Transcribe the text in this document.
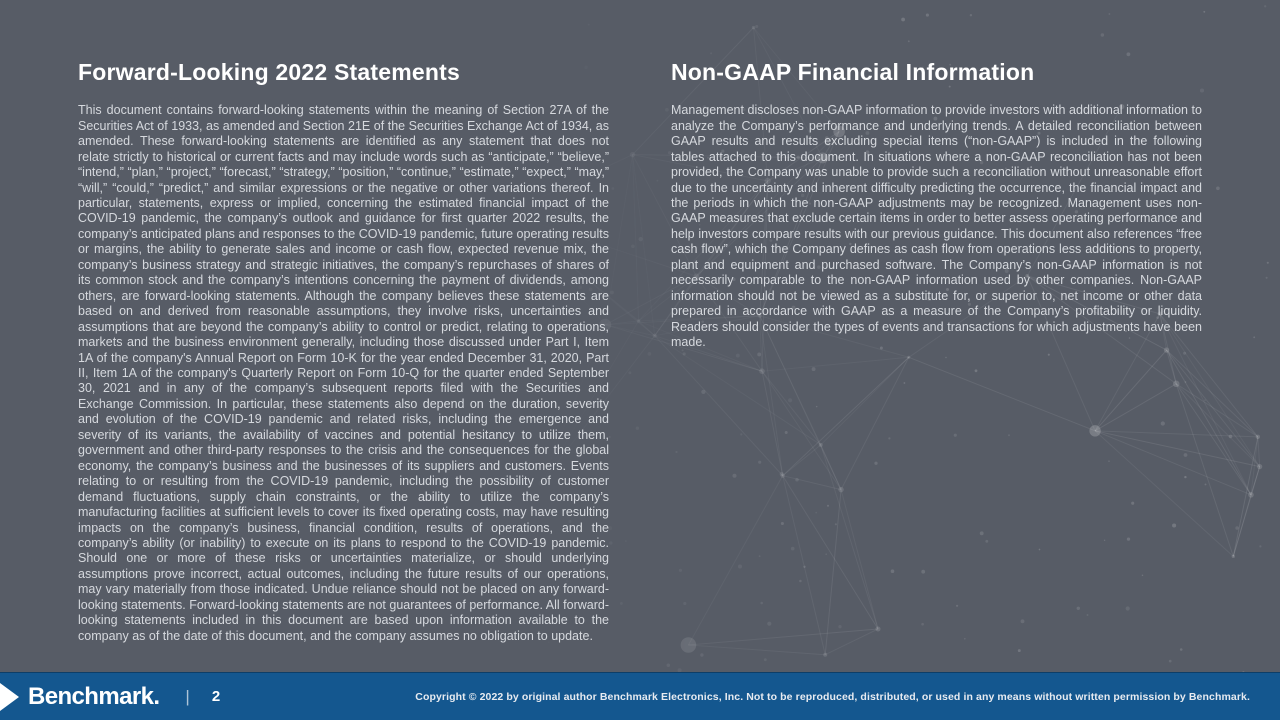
Forward-Looking 2022 Statements

This document contains forward-looking statements within the meaning of Section 27A of the Securities Act of 1933, as amended and Section 21E of the Securities Exchange Act of 1934, as amended. These forward-looking statements are identified as any statement that does not relate strictly to historical or current facts and may include words such as “anticipate,” “believe,” “intend,” “plan,” “project,” “forecast,” “strategy,” “position,” “continue,” “estimate,” “expect,” “may,” “will,” “could,” “predict,” and similar expressions or the negative or other variations thereof. In particular, statements, express or implied, concerning the estimated financial impact of the COVID-19 pandemic, the company’s outlook and guidance for first quarter 2022 results, the company’s anticipated plans and responses to the COVID-19 pandemic, future operating results or margins, the ability to generate sales and income or cash flow, expected revenue mix, the company’s business strategy and strategic initiatives, the company’s repurchases of shares of its common stock and the company’s intentions concerning the payment of dividends, among others, are forward-looking statements. Although the company believes these statements are based on and derived from reasonable assumptions, they involve risks, uncertainties and assumptions that are beyond the company’s ability to control or predict, relating to operations, markets and the business environment generally, including those discussed under Part I, Item 1A of the company's Annual Report on Form 10-K for the year ended December 31, 2020, Part II, Item 1A of the company's Quarterly Report on Form 10-Q for the quarter ended September 30, 2021 and in any of the company’s subsequent reports filed with the Securities and Exchange Commission. In particular, these statements also depend on the duration, severity and evolution of the COVID-19 pandemic and related risks, including the emergence and severity of its variants, the availability of vaccines and potential hesitancy to utilize them, government and other third-party responses to the crisis and the consequences for the global economy, the company’s business and the businesses of its suppliers and customers. Events relating to or resulting from the COVID-19 pandemic, including the possibility of customer demand fluctuations, supply chain constraints, or the ability to utilize the company’s manufacturing facilities at sufficient levels to cover its fixed operating costs, may have resulting impacts on the company’s business, financial condition, results of operations, and the company’s ability (or inability) to execute on its plans to respond to the COVID-19 pandemic. Should one or more of these risks or uncertainties materialize, or should underlying assumptions prove incorrect, actual outcomes, including the future results of our operations, may vary materially from those indicated. Undue reliance should not be placed on any forward-looking statements. Forward-looking statements are not guarantees of performance. All forward-looking statements included in this document are based upon information available to the company as of the date of this document, and the company assumes no obligation to update.

Non-GAAP Financial Information

Management discloses non-GAAP information to provide investors with additional information to analyze the Company’s performance and underlying trends. A detailed reconciliation between GAAP results and results excluding special items (“non-GAAP”) is included in the following tables attached to this document. In situations where a non-GAAP reconciliation has not been provided, the Company was unable to provide such a reconciliation without unreasonable effort due to the uncertainty and inherent difficulty predicting the occurrence, the financial impact and the periods in which the non-GAAP adjustments may be recognized. Management uses non-GAAP measures that exclude certain items in order to better assess operating performance and help investors compare results with our previous guidance. This document also references “free cash flow”, which the Company defines as cash flow from operations less additions to property, plant and equipment and purchased software. The Company’s non-GAAP information is not necessarily comparable to the non-GAAP information used by other companies. Non-GAAP information should not be viewed as a substitute for, or superior to, net income or other data prepared in accordance with GAAP as a measure of the Company’s profitability or liquidity. Readers should consider the types of events and transactions for which adjustments have been made.

Benchmark. | 2	Copyright © 2022 by original author Benchmark Electronics, Inc. Not to be reproduced, distributed, or used in any means without written permission by Benchmark.
